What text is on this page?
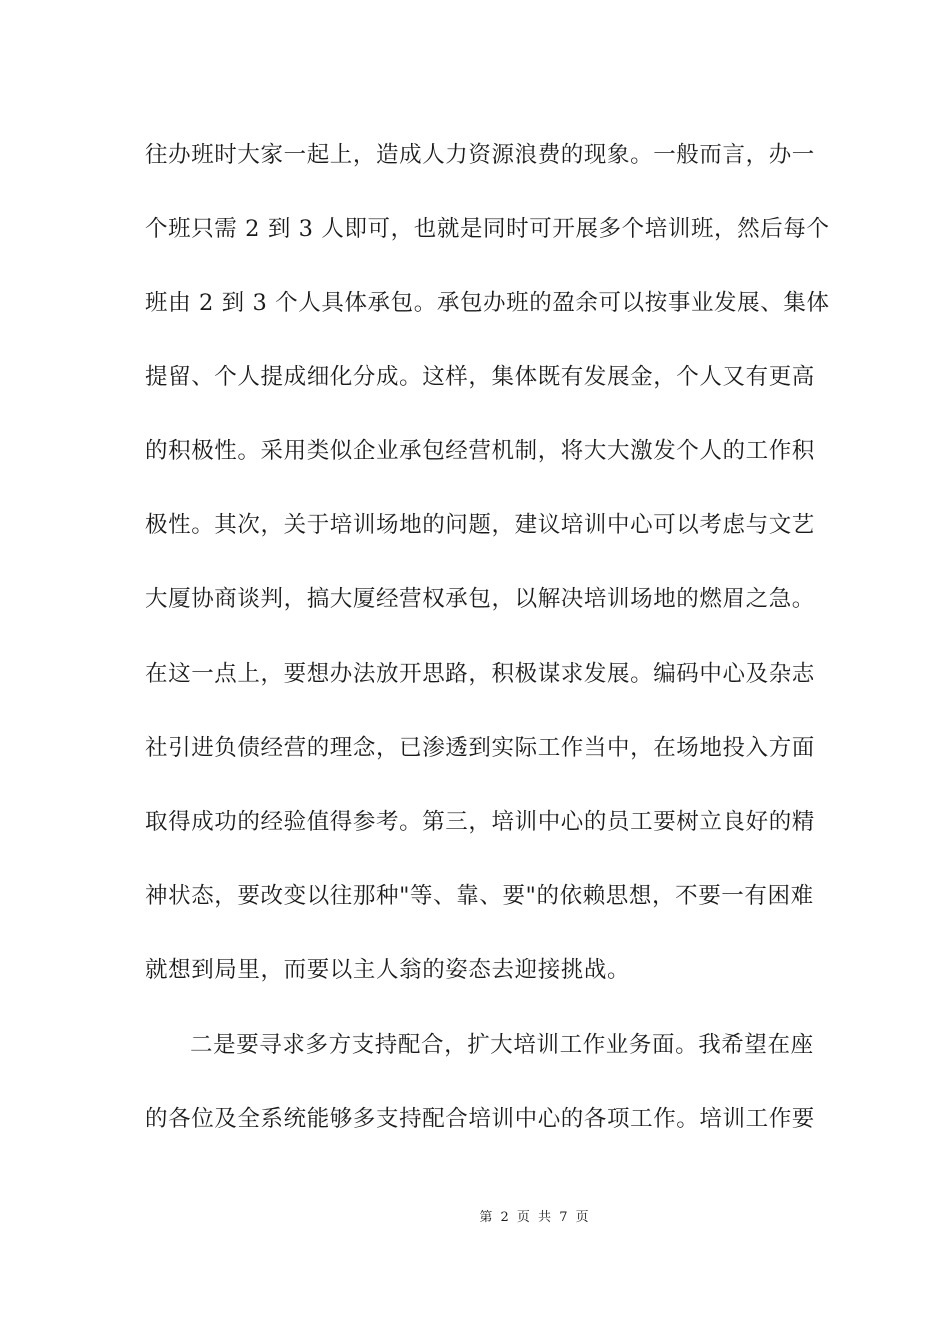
往办班时大家一起上，造成人力资源浪费的现象。一般而言，办一
个班只需 2 到 3 人即可，也就是同时可开展多个培训班，然后每个
班由 2 到 3 个人具体承包。承包办班的盈余可以按事业发展、集体
提留、个人提成细化分成。这样，集体既有发展金，个人又有更高
的积极性。采用类似企业承包经营机制，将大大激发个人的工作积
极性。其次，关于培训场地的问题，建议培训中心可以考虑与文艺
大厦协商谈判，搞大厦经营权承包，以解决培训场地的燃眉之急。
在这一点上，要想办法放开思路，积极谋求发展。编码中心及杂志
社引进负债经营的理念，已渗透到实际工作当中，在场地投入方面
取得成功的经验值得参考。第三，培训中心的员工要树立良好的精
神状态，要改变以往那种"等、靠、要"的依赖思想，不要一有困难
就想到局里，而要以主人翁的姿态去迎接挑战。
二是要寻求多方支持配合，扩大培训工作业务面。我希望在座
的各位及全系统能够多支持配合培训中心的各项工作。培训工作要
第 2 页 共 7 页
